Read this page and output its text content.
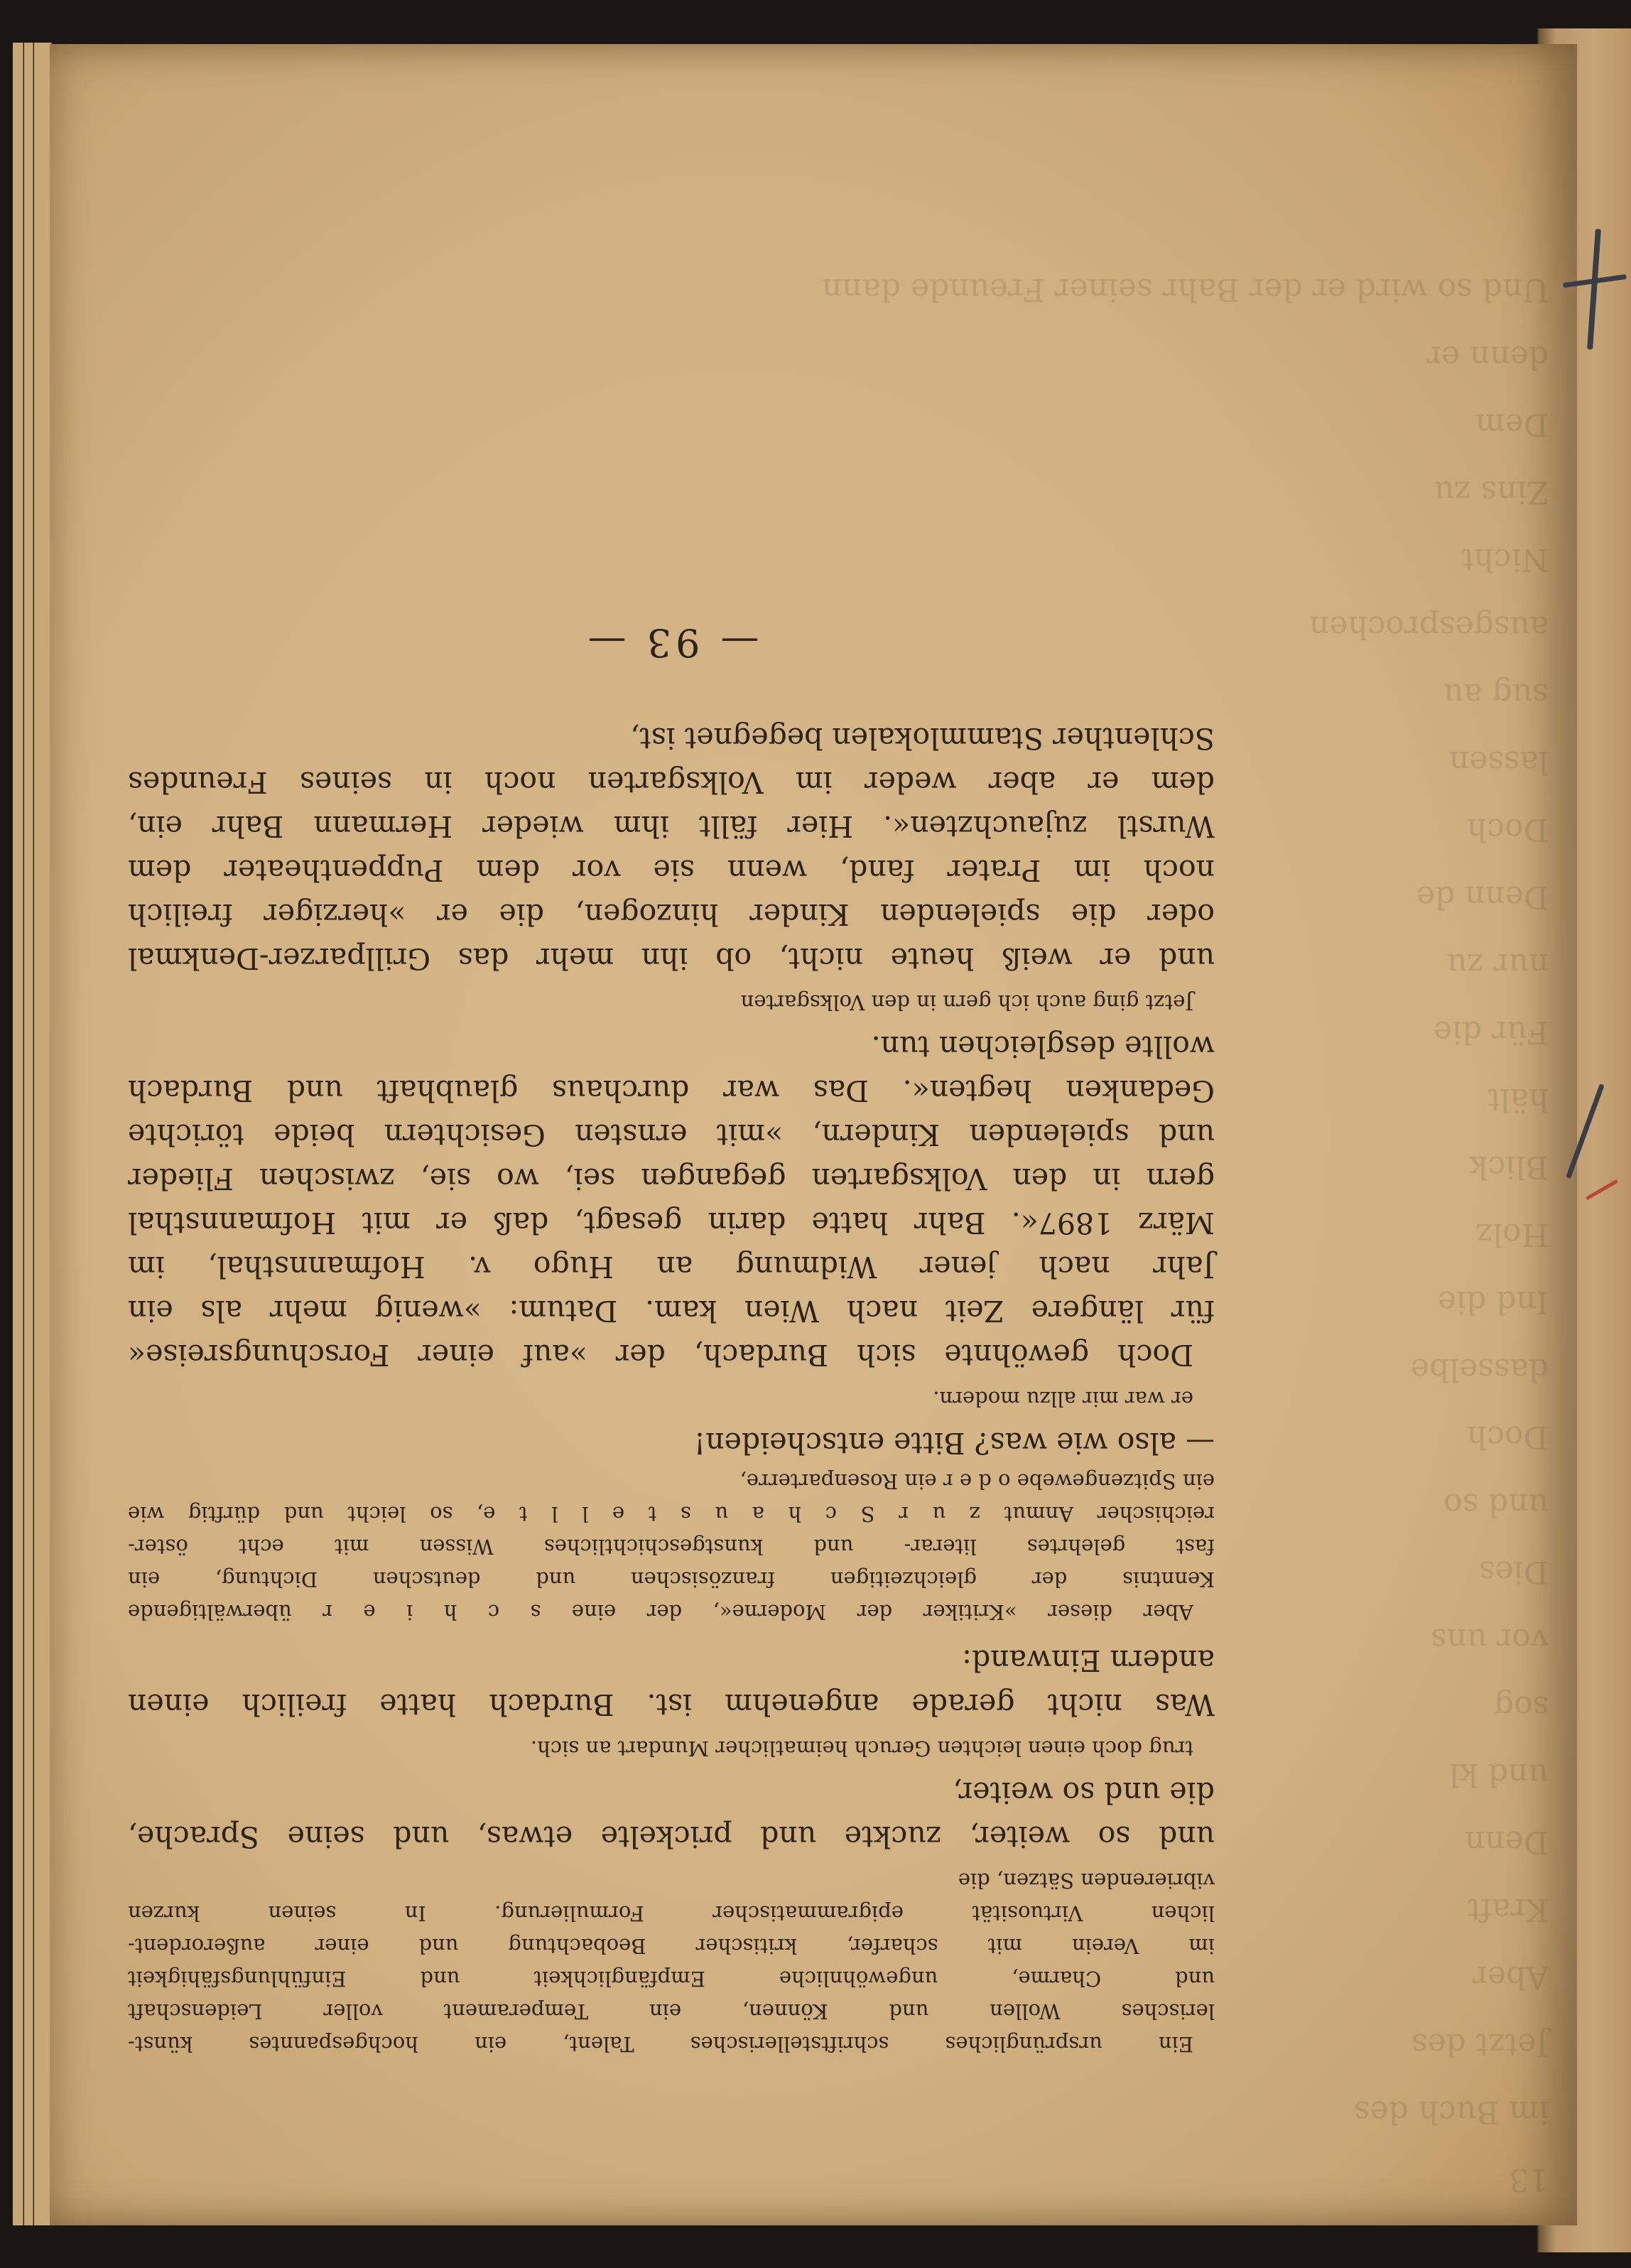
Und so wird er der Bahr seiner Freunde dann
denn er
Dem
Zins zu
Nicht
ausgesprochen
sug au
lassen
Doch
Denn de
nur zu
Für die
hält
Blick
Holz
Ind die
dasselbe
Doch
und so
Dies
vor uns
sog
und kl
Denn
Kraft
Aber
Jetzt des
im Buch des
13

Ein ursprüngliches schriftstellerisches Talent, ein hochgespanntes künst-

lerisches Wollen und Können, ein Temperament voller Leidenschaft

und Charme, ungewöhnliche Empfänglichkeit und Einfühlungsfähigkeit

im Verein mit scharfer, kritischer Beobachtung und einer außerordent-

lichen Virtuosität epigrammatischer Formulierung. In seinen kurzen

vibrierenden Sätzen, die

und so weiter, zuckte und prickelte etwas, und seine Sprache,

die und so weiter,

trug doch einen leichten Geruch heimatlicher Mundart an sich.

Was nicht gerade angenehm ist. Burdach hatte freilich einen

andern Einwand:

Aber dieser »Kritiker der Moderne«, der eine s c h i e r überwältigende

Kenntnis der gleichzeitigen französischen und deutschen Dichtung, ein

fast gelehrtes literar- und kunstgeschichtliches Wissen mit echt öster-

reichischer Anmut z u r S c h a u s t e l l t e, so leicht und dürftig wie

ein Spitzengewebe o d e r ein Rosenparterre,

— also wie was? Bitte entscheiden!

er war mir allzu modern.

Doch gewöhnte sich Burdach, der »auf einer Forschungsreise«

für längere Zeit nach Wien kam. Datum: »wenig mehr als ein

Jahr nach jener Widmung an Hugo v. Hofmannsthal, im

März 1897«. Bahr hatte darin gesagt, daß er mit Hofmannsthal

gern in den Volksgarten gegangen sei, wo sie, zwischen Flieder

und spielenden Kindern, »mit ernsten Gesichtern beide törichte

Gedanken hegten«. Das war durchaus glaubhaft und Burdach

wollte desgleichen tun.

Jetzt ging auch ich gern in den Volksgarten

und er weiß heute nicht, ob ihn mehr das Grillparzer-Denkmal

oder die spielenden Kinder hinzogen, die er »herziger freilich

noch im Prater fand, wenn sie vor dem Puppentheater dem

Wurstl zujauchzten«. Hier fällt ihm wieder Hermann Bahr ein,

dem er aber weder im Volksgarten noch in seines Freundes

Schlenther Stammlokalen begegnet ist,

— 93 —
